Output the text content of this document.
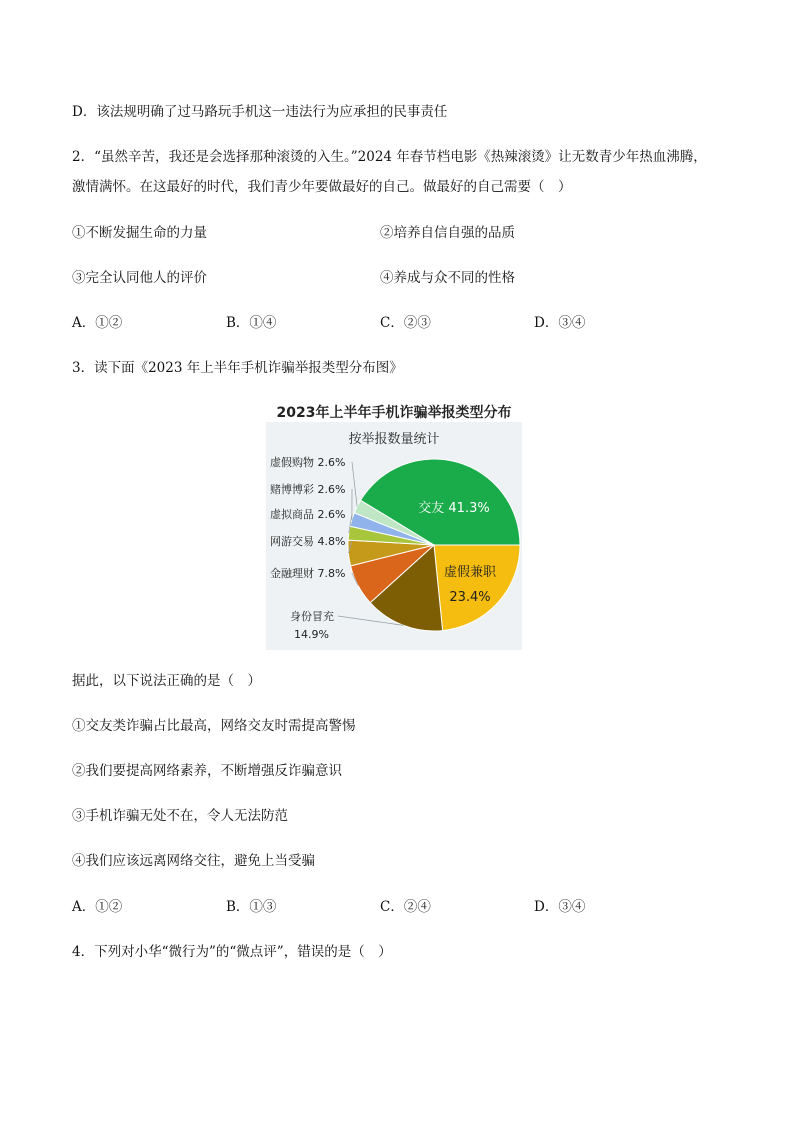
D．该法规明确了过马路玩手机这一违法行为应承担的民事责任
2．“虽然辛苦，我还是会选择那种滚烫的入生。”2024 年春节档电影《热辣滚烫》让无数青少年热血沸腾，
激情满怀。在这最好的时代，我们青少年要做最好的自己。做最好的自己需要（　）
①不断发掘生命的力量	②培养自信自强的品质
③完全认同他人的评价	④养成与众不同的性格
A．①②	B．①④	C．②③	D．③④
3．读下面《2023 年上半年手机诈骗举报类型分布图》
2023年上半年手机诈骗举报类型分布
按举报数量统计
交友 41.3%
虚假兼职
23.4%
虚假购物 2.6%
赌博博彩 2.6%
虚拟商品 2.6%
网游交易 4.8%
金融理财 7.8%
身份冒充
14.9%
据此，以下说法正确的是（　）
①交友类诈骗占比最高，网络交友时需提高警惕
②我们要提高网络素养，不断增强反诈骗意识
③手机诈骗无处不在，令人无法防范
④我们应该远离网络交往，避免上当受骗
A．①②	B．①③	C．②④	D．③④
4．下列对小华“微行为”的“微点评”，错误的是（　）
